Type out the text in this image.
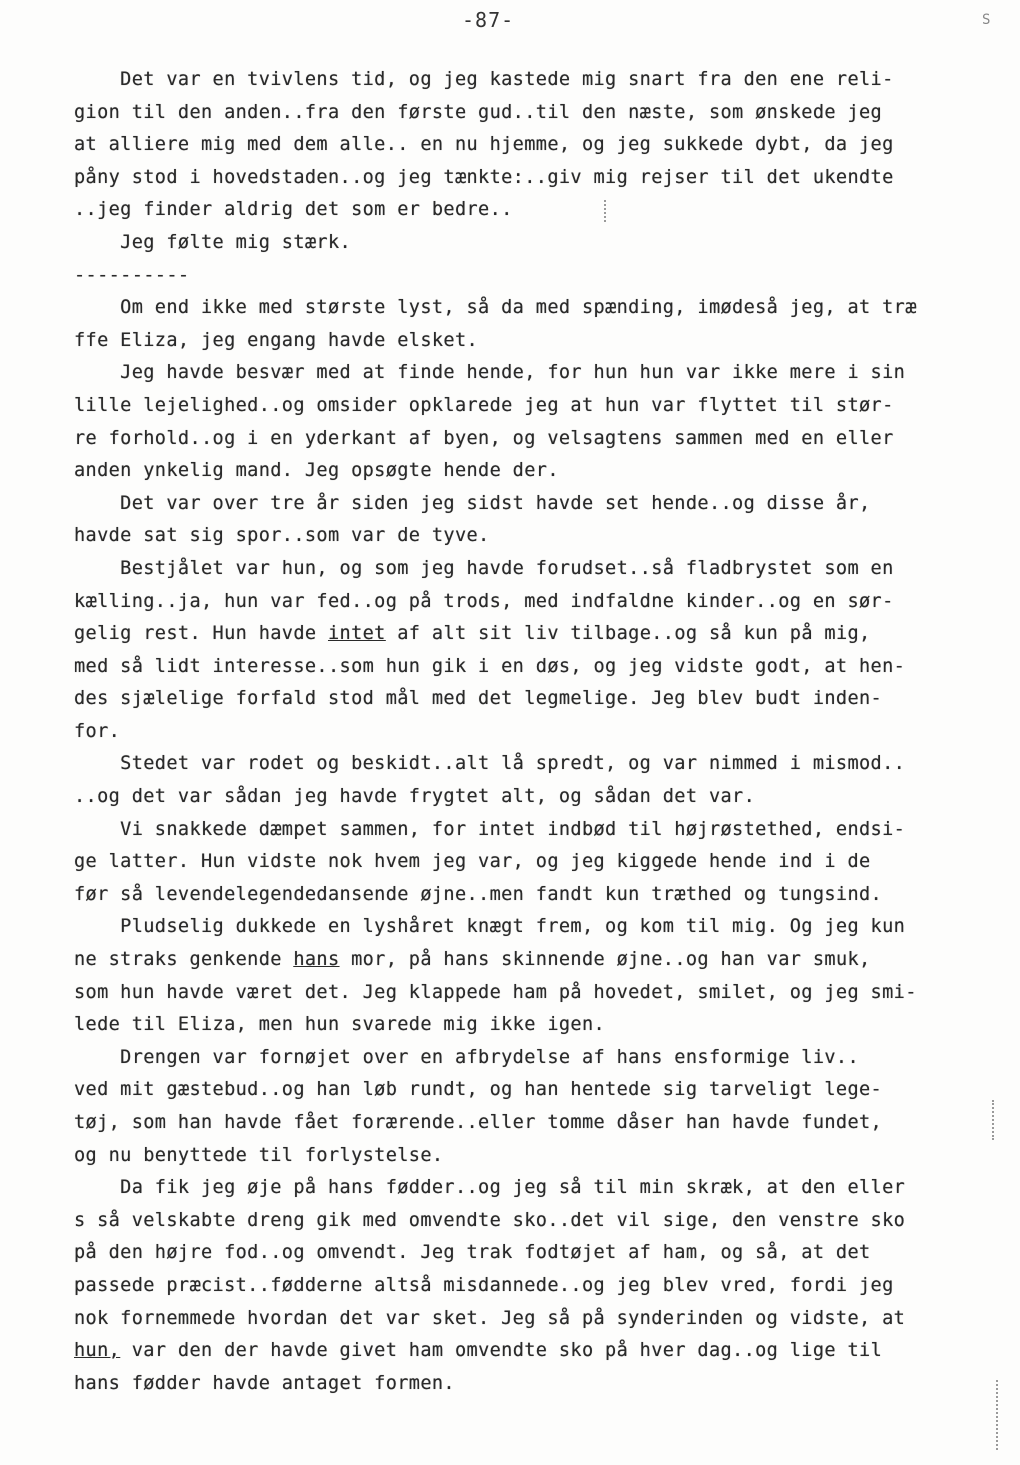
-87-	S
Det var en tvivlens tid, og jeg kastede mig snart fra den ene reli-
gion til den anden..fra den første gud..til den næste, som ønskede jeg
at alliere mig med dem alle.. en nu hjemme, og jeg sukkede dybt, da jeg
påny stod i hovedstaden..og jeg tænkte:..giv mig rejser til det ukendte
..jeg finder aldrig det som er bedre..
Jeg følte mig stærk.
----------
Om end ikke med største lyst, så da med spænding, imødeså jeg, at træ
ffe Eliza, jeg engang havde elsket.
Jeg havde besvær med at finde hende, for hun hun var ikke mere i sin
lille lejelighed..og omsider opklarede jeg at hun var flyttet til stør-
re forhold..og i en yderkant af byen, og velsagtens sammen med en eller
anden ynkelig mand. Jeg opsøgte hende der.
Det var over tre år siden jeg sidst havde set hende..og disse år,
havde sat sig spor..som var de tyve.
Bestjålet var hun, og som jeg havde forudset..så fladbrystet som en
kælling..ja, hun var fed..og på trods, med indfaldne kinder..og en sør-
gelig rest. Hun havde intet af alt sit liv tilbage..og så kun på mig,
med så lidt interesse..som hun gik i en døs, og jeg vidste godt, at hen-
des sjælelige forfald stod mål med det legmelige. Jeg blev budt inden-
for.
Stedet var rodet og beskidt..alt lå spredt, og var nimmed i mismod..
..og det var sådan jeg havde frygtet alt, og sådan det var.
Vi snakkede dæmpet sammen, for intet indbød til højrøstethed, endsi-
ge latter. Hun vidste nok hvem jeg var, og jeg kiggede hende ind i de
før så levendelegendedansende øjne..men fandt kun træthed og tungsind.
Pludselig dukkede en lyshåret knægt frem, og kom til mig. Og jeg kun
ne straks genkende hans mor, på hans skinnende øjne..og han var smuk,
som hun havde været det. Jeg klappede ham på hovedet, smilet, og jeg smi-
lede til Eliza, men hun svarede mig ikke igen.
Drengen var fornøjet over en afbrydelse af hans ensformige liv..
ved mit gæstebud..og han løb rundt, og han hentede sig tarveligt lege-
tøj, som han havde fået forærende..eller tomme dåser han havde fundet,
og nu benyttede til forlystelse.
Da fik jeg øje på hans fødder..og jeg så til min skræk, at den eller
s så velskabte dreng gik med omvendte sko..det vil sige, den venstre sko
på den højre fod..og omvendt. Jeg trak fodtøjet af ham, og så, at det
passede præcist..fødderne altså misdannede..og jeg blev vred, fordi jeg
nok fornemmede hvordan det var sket. Jeg så på synderinden og vidste, at
hun, var den der havde givet ham omvendte sko på hver dag..og lige til
hans fødder havde antaget formen.
